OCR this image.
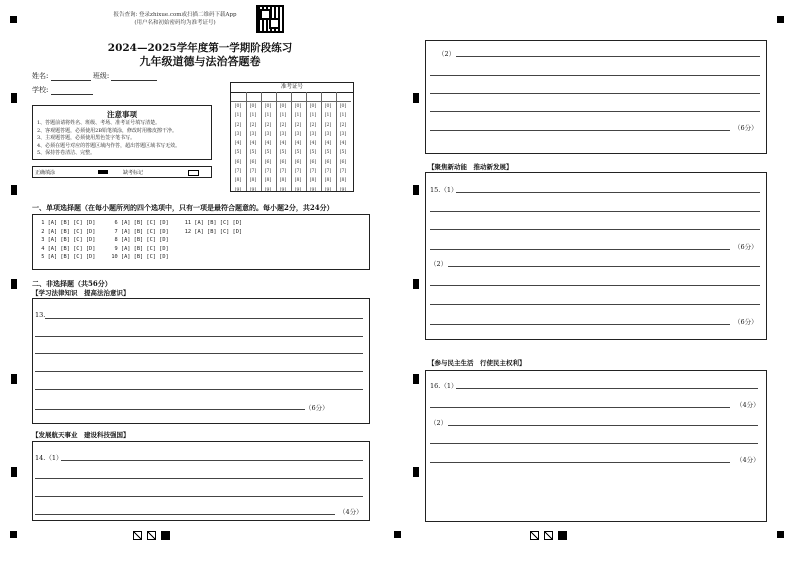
报告查询: 登录zhixue.com或扫描二维码下载App
(用户名和初始密码均为准考证号)
2024—2025学年度第一学期阶段练习
九年级道德与法治答题卷
姓名:	班级:
学校:
注意事项
1、答题前请将姓名、班级、考场、准考证号填写清楚。
2、客观题答题，必须使用2B铅笔填涂，修改时用橡皮擦干净。
3、主观题答题，必须使用黑色签字笔书写。
4、必须在题号对应的答题区域内作答，超出答题区域书写无效。
5、保持答卷清洁、完整。
正确填涂	缺考标记
准考证号
[0]
[1]
[2]
[3]
[4]
[5]
[6]
[7]
[8]
[9]
[0]
[1]
[2]
[3]
[4]
[5]
[6]
[7]
[8]
[9]
[0]
[1]
[2]
[3]
[4]
[5]
[6]
[7]
[8]
[9]
[0]
[1]
[2]
[3]
[4]
[5]
[6]
[7]
[8]
[9]
[0]
[1]
[2]
[3]
[4]
[5]
[6]
[7]
[8]
[9]
[0]
[1]
[2]
[3]
[4]
[5]
[6]
[7]
[8]
[9]
[0]
[1]
[2]
[3]
[4]
[5]
[6]
[7]
[8]
[9]
[0]
[1]
[2]
[3]
[4]
[5]
[6]
[7]
[8]
[9]
一、单项选择题（在每小题所列的四个选项中，只有一项是最符合题意的。每小题2分，共24分）
1 [A] [B] [C] [D]      6 [A] [B] [C] [D]     11 [A] [B] [C] [D]
2 [A] [B] [C] [D]      7 [A] [B] [C] [D]     12 [A] [B] [C] [D]
3 [A] [B] [C] [D]      8 [A] [B] [C] [D]
4 [A] [B] [C] [D]      9 [A] [B] [C] [D]
5 [A] [B] [C] [D]     10 [A] [B] [C] [D]
二、非选择题（共56分）
【学习法律知识　提高法治意识】
13.
（6分）
【发展航天事业　建设科技强国】
14.（1）
（4分）
（2）
（6分）
【聚焦新动能　推动新发展】
15.（1）
（6分）
（2）
（6分）
【参与民主生活　行使民主权利】
16.（1）
（4分）
（2）
（4分）
